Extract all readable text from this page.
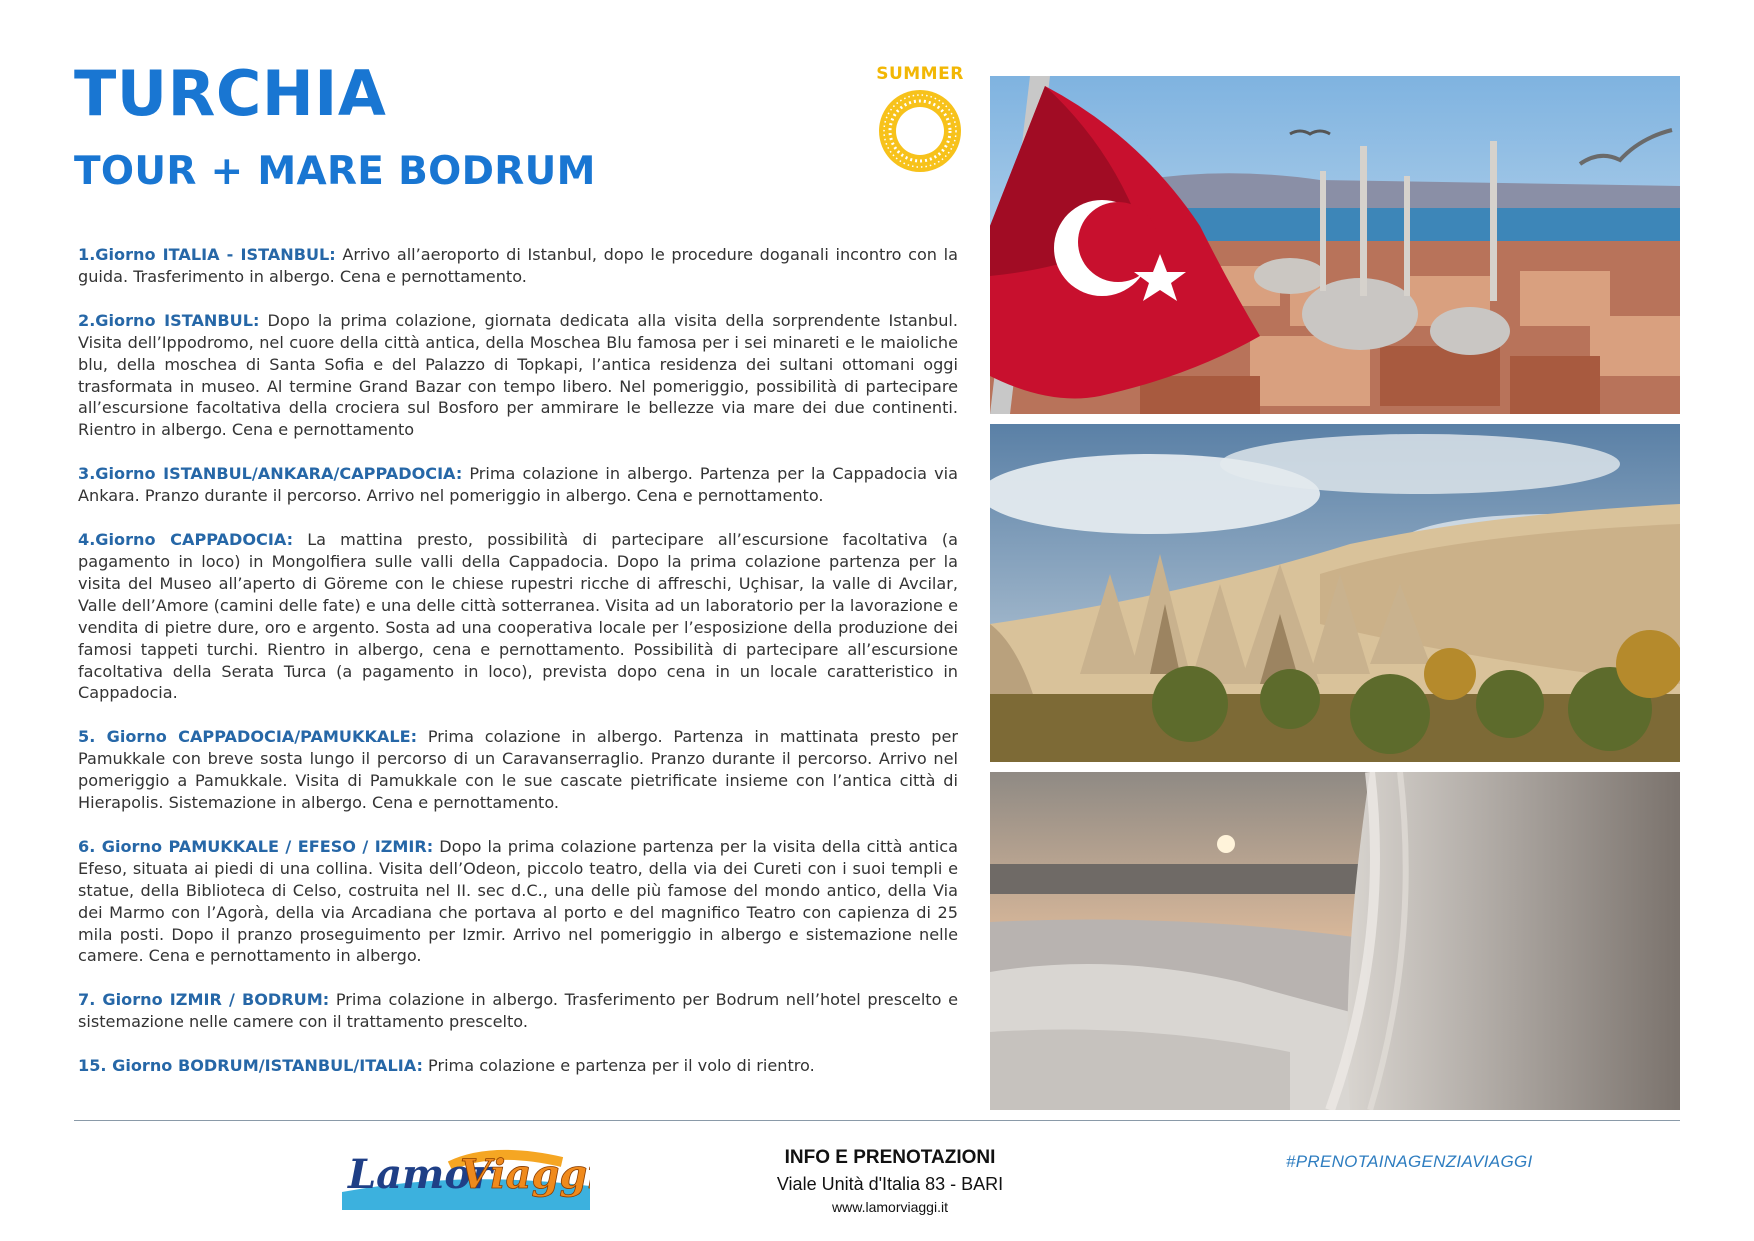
TURCHIA
TOUR + MARE BODRUM
SUMMER

1.Giorno ITALIA - ISTANBUL: Arrivo all’aeroporto di Istanbul, dopo le procedure doganali incontro con la guida. Trasferimento in albergo. Cena e pernottamento.

2.Giorno ISTANBUL: Dopo la prima colazione, giornata dedicata alla visita della sorprendente Istanbul. Visita dell’Ippodromo, nel cuore della città antica, della Moschea Blu famosa per i sei minareti e le maioliche blu, della moschea di Santa Sofia e del Palazzo di Topkapi, l’antica residenza dei sultani ottomani oggi trasformata in museo. Al termine Grand Bazar con tempo libero. Nel pomeriggio, possibilità di partecipare all’escursione facoltativa della crociera sul Bosforo per ammirare le bellezze via mare dei due continenti. Rientro in albergo. Cena e pernottamento

3.Giorno ISTANBUL/ANKARA/CAPPADOCIA: Prima colazione in albergo. Partenza per la Cappadocia via Ankara. Pranzo durante il percorso. Arrivo nel pomeriggio in albergo. Cena e pernottamento.

4.Giorno CAPPADOCIA: La mattina presto, possibilità di partecipare all’escursione facoltativa (a pagamento in loco) in Mongolfiera sulle valli della Cappadocia. Dopo la prima colazione partenza per la visita del Museo all’aperto di Göreme con le chiese rupestri ricche di affreschi, Uçhisar, la valle di Avcilar, Valle dell’Amore (camini delle fate) e una delle città sotterranea. Visita ad un laboratorio per la lavorazione e vendita di pietre dure, oro e argento. Sosta ad una cooperativa locale per l’esposizione della produzione dei famosi tappeti turchi. Rientro in albergo, cena e pernottamento. Possibilità di partecipare all’escursione facoltativa della Serata Turca (a pagamento in loco), prevista dopo cena in un locale caratteristico in Cappadocia.

5. Giorno CAPPADOCIA/PAMUKKALE: Prima colazione in albergo. Partenza in mattinata presto per Pamukkale con breve sosta lungo il percorso di un Caravanserraglio. Pranzo durante il percorso. Arrivo nel pomeriggio a Pamukkale. Visita di Pamukkale con le sue cascate pietrificate insieme con l’antica città di Hierapolis. Sistemazione in albergo. Cena e pernottamento.

6. Giorno PAMUKKALE / EFESO / IZMIR: Dopo la prima colazione partenza per la visita della città antica Efeso, situata ai piedi di una collina. Visita dell’Odeon, piccolo teatro, della via dei Cureti con i suoi templi e statue, della Biblioteca di Celso, costruita nel II. sec d.C., una delle più famose del mondo antico, della Via dei Marmo con l’Agorà, della via Arcadiana che portava al porto e del magnifico Teatro con capienza di 25 mila posti. Dopo il pranzo proseguimento per Izmir. Arrivo nel pomeriggio in albergo e sistemazione nelle camere. Cena e pernottamento in albergo.

7. Giorno IZMIR / BODRUM: Prima colazione in albergo. Trasferimento per Bodrum nell’hotel prescelto e sistemazione nelle camere con il trattamento prescelto.

15. Giorno BODRUM/ISTANBUL/ITALIA: Prima colazione e partenza per il volo di rientro.

Lamor
Viaggi	INFO E PRENOTAZIONI
Viale Unità d'Italia 83 - BARI
www.lamorviaggi.it
#PRENOTAINAGENZIAVIAGGI
